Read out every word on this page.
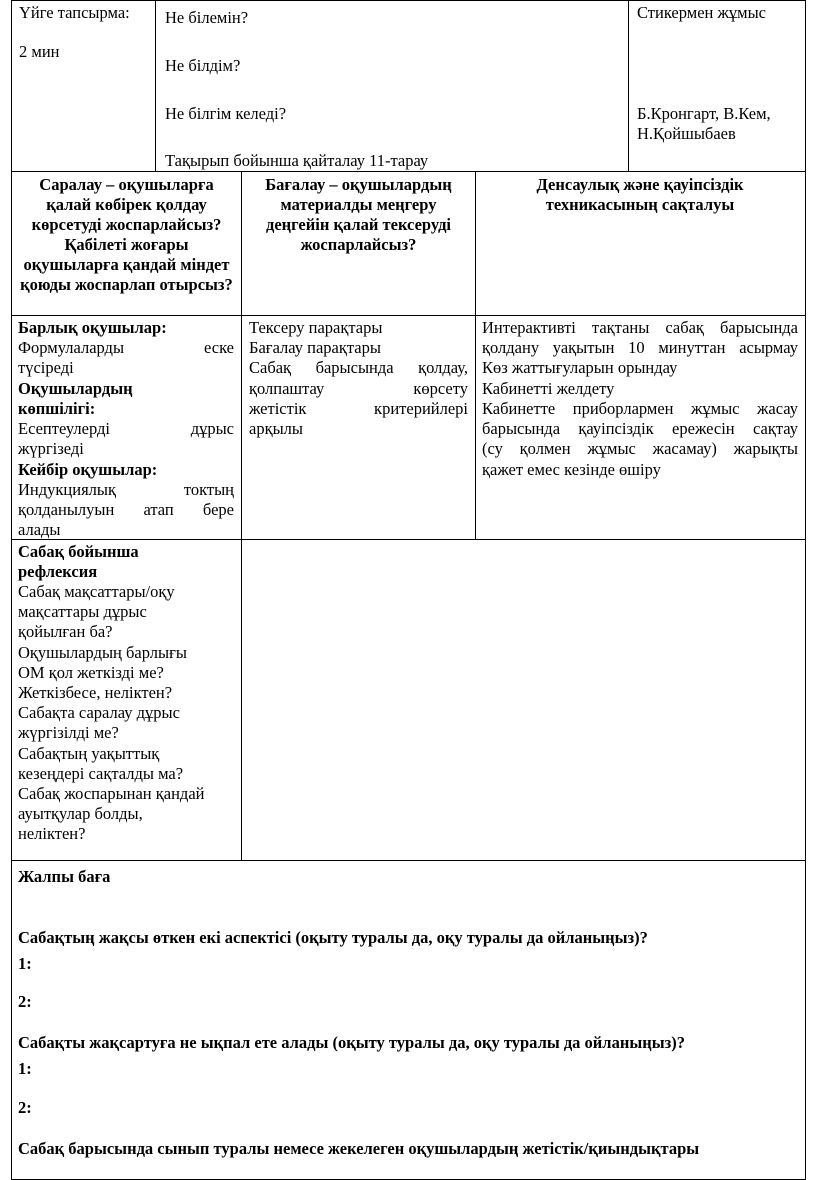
Үйге тапсырма:
2 мин
Не білемін?
Не білдім?
Не білгім келеді?
Тақырып бойынша қайталау 11-тарау
Стикермен жұмыс
Б.Кронгарт, В.Кем,
Н.Қойшыбаев
Саралау – оқушыларға қалай көбірек қолдау көрсетуді жоспарлайсыз? Қабілеті жоғары оқушыларға қандай міндет қоюды жоспарлап отырсыз?
Бағалау – оқушылардың материалды меңгеру деңгейін қалай тексеруді жоспарлайсыз?
Денсаулық және қауіпсіздік техникасының сақталуы
Барлық оқушылар:
Формулаларды еске
түсіреді
Оқушылардың
көпшілігі:
Есептеулерді дұрыс
жүргізеді
Кейбір оқушылар:
Индукциялық токтың
қолданылуын атап бере
алады
Тексеру парақтары
Бағалау парақтары
Сабақ барысында қолдау,
қолпаштау көрсету
жетістік критерийлері
арқылы
Интерактивті тақтаны сабақ барысында
қолдану уақытын 10 минуттан асырмау
Көз жаттығуларын орындау
Кабинетті желдету
Кабинетте приборлармен жұмыс жасау
барысында қауіпсіздік ережесін сақтау
(су қолмен жұмыс жасамау) жарықты
қажет емес кезінде өшіру
Сабақ бойынша
рефлексия
Сабақ мақсаттары/оқу
мақсаттары дұрыс
қойылған ба?
Оқушылардың барлығы
ОМ қол жеткізді ме?
Жеткізбесе, неліктен?
Сабақта саралау дұрыс
жүргізілді ме?
Сабақтың уақыттық
кезеңдері сақталды ма?
Сабақ жоспарынан қандай
ауытқулар болды,
неліктен?
Жалпы баға
Сабақтың жақсы өткен екі аспектісі (оқыту туралы да, оқу туралы да ойланыңыз)?
1:
2:
Сабақты жақсартуға не ықпал ете алады (оқыту туралы да, оқу туралы да ойланыңыз)?
1:
2:
Сабақ барысында сынып туралы немесе жекелеген оқушылардың жетістік/қиындықтары
